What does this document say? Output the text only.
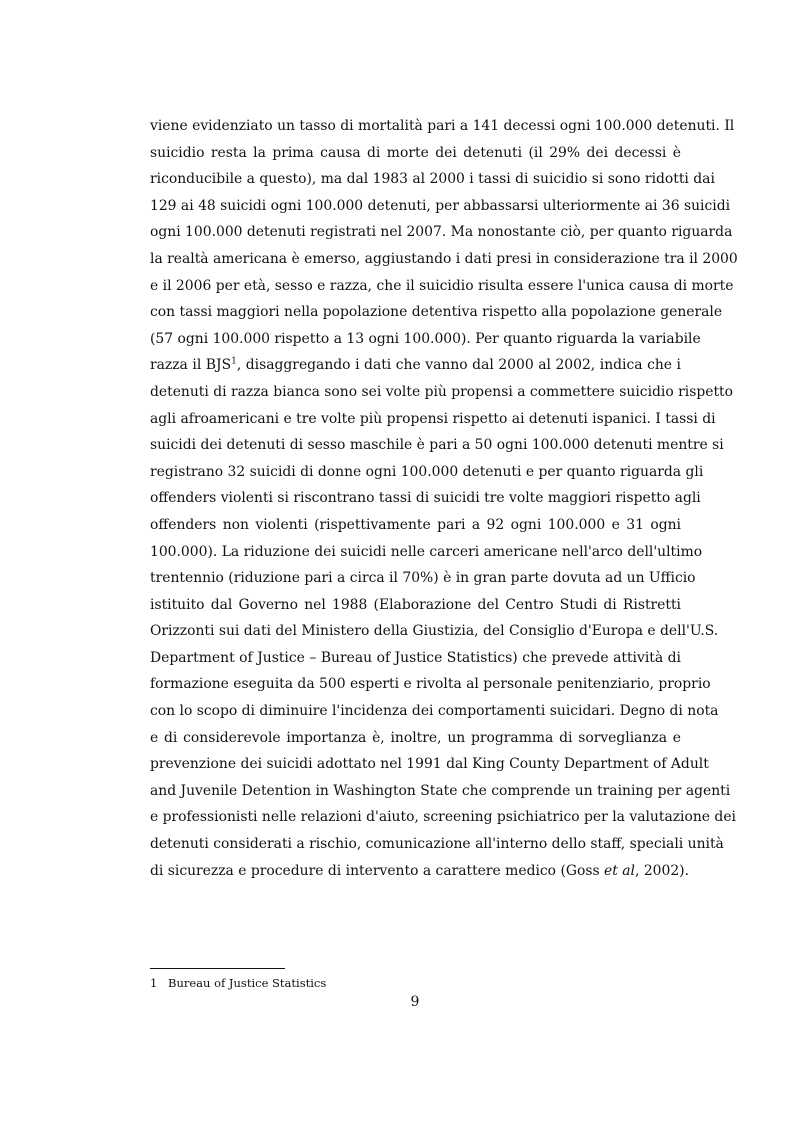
viene evidenziato un tasso di mortalità pari a 141 decessi ogni 100.000 detenuti. Il
suicidio resta la prima causa di morte dei detenuti (il 29% dei decessi è
riconducibile a questo), ma dal 1983 al 2000 i tassi di suicidio si sono ridotti dai
129 ai 48 suicidi ogni 100.000 detenuti, per abbassarsi ulteriormente ai 36 suicidi
ogni 100.000 detenuti registrati nel 2007. Ma nonostante ciò, per quanto riguarda
la realtà americana è emerso, aggiustando i dati presi in considerazione tra il 2000
e il 2006 per età, sesso e razza, che il suicidio risulta essere l'unica causa di morte
con tassi maggiori nella popolazione detentiva rispetto alla popolazione generale
(57 ogni 100.000 rispetto a 13 ogni 100.000). Per quanto riguarda la variabile
razza il BJS$^1$, disaggregando i dati che vanno dal 2000 al 2002, indica che i
detenuti di razza bianca sono sei volte più propensi a commettere suicidio rispetto
agli afroamericani e tre volte più propensi rispetto ai detenuti ispanici. I tassi di
suicidi dei detenuti di sesso maschile è pari a 50 ogni 100.000 detenuti mentre si
registrano 32 suicidi di donne ogni 100.000 detenuti e per quanto riguarda gli
offenders violenti si riscontrano tassi di suicidi tre volte maggiori rispetto agli
offenders non violenti (rispettivamente pari a 92 ogni 100.000 e 31 ogni
100.000). La riduzione dei suicidi nelle carceri americane nell'arco dell'ultimo
trentennio (riduzione pari a circa il 70%) è in gran parte dovuta ad un Ufficio
istituito dal Governo nel 1988 (Elaborazione del Centro Studi di Ristretti
Orizzonti sui dati del Ministero della Giustizia, del Consiglio d'Europa e dell'U.S.
Department of Justice – Bureau of Justice Statistics) che prevede attività di
formazione eseguita da 500 esperti e rivolta al personale penitenziario, proprio
con lo scopo di diminuire l'incidenza dei comportamenti suicidari. Degno di nota
e di considerevole importanza è, inoltre, un programma di sorveglianza e
prevenzione dei suicidi adottato nel 1991 dal King County Department of Adult
and Juvenile Detention in Washington State che comprende un training per agenti
e professionisti nelle relazioni d'aiuto, screening psichiatrico per la valutazione dei
detenuti considerati a rischio, comunicazione all'interno dello staff, speciali unità
di sicurezza e procedure di intervento a carattere medico (Goss et al, 2002).
1 Bureau of Justice Statistics
9
